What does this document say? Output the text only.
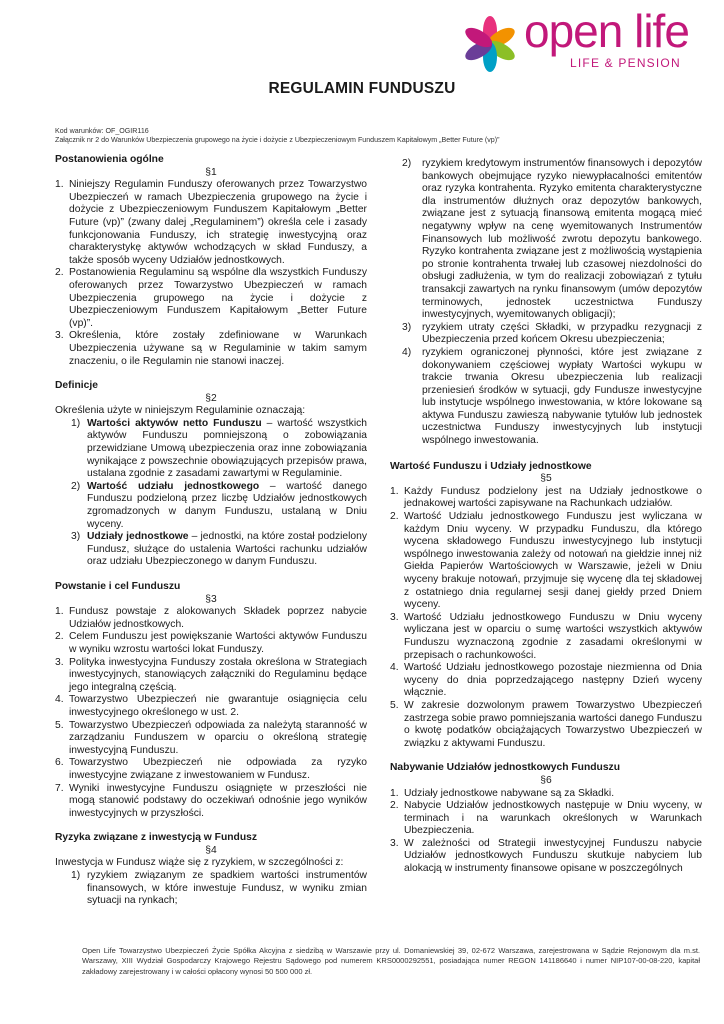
open life
LIFE & PENSION
REGULAMIN FUNDUSZU
Kod warunków: OF_OGIR116
Załącznik nr 2 do Warunków Ubezpieczenia grupowego na życie i dożycie z Ubezpieczeniowym Funduszem Kapitałowym „Better Future (vp)”
Postanowienia ogólne
§1
1. Niniejszy Regulamin Funduszy oferowanych przez Towarzystwo Ubezpieczeń w ramach Ubezpieczenia grupowego na życie i dożycie z Ubezpieczeniowym Funduszem Kapitałowym „Better Future (vp)” (zwany dalej „Regulaminem”) określa cele i zasady funkcjonowania Funduszy, ich strategię inwestycyjną oraz charakterystykę aktywów wchodzących w skład Funduszy, a także sposób wyceny Udziałów jednostkowych.
2. Postanowienia Regulaminu są wspólne dla wszystkich Funduszy oferowanych przez Towarzystwo Ubezpieczeń w ramach Ubezpieczenia grupowego na życie i dożycie z Ubezpieczeniowym Funduszem Kapitałowym „Better Future (vp)”.
3. Określenia, które zostały zdefiniowane w Warunkach Ubezpieczenia używane są w Regulaminie w takim samym znaczeniu, o ile Regulamin nie stanowi inaczej.
Definicje
§2
Określenia użyte w niniejszym Regulaminie oznaczają:
1) Wartości aktywów netto Funduszu – wartość wszystkich aktywów Funduszu pomniejszoną o zobowiązania przewidziane Umową ubezpieczenia oraz inne zobowiązania wynikające z powszechnie obowiązujących przepisów prawa, ustalana zgodnie z zasadami zawartymi w Regulaminie.
2) Wartość udziału jednostkowego – wartość danego Funduszu podzieloną przez liczbę Udziałów jednostkowych zgromadzonych w danym Funduszu, ustalaną w Dniu wyceny.
3) Udziały jednostkowe – jednostki, na które został podzielony Fundusz, służące do ustalenia Wartości rachunku udziałów oraz udziału Ubezpieczonego w danym Funduszu.
Powstanie i cel Funduszu
§3
1. Fundusz powstaje z alokowanych Składek poprzez nabycie Udziałów jednostkowych.
2. Celem Funduszu jest powiększanie Wartości aktywów Funduszu w wyniku wzrostu wartości lokat Funduszy.
3. Polityka inwestycyjna Funduszy została określona w Strategiach inwestycyjnych, stanowiących załączniki do Regulaminu będące jego integralną częścią.
4. Towarzystwo Ubezpieczeń nie gwarantuje osiągnięcia celu inwestycyjnego określonego w ust. 2.
5. Towarzystwo Ubezpieczeń odpowiada za należytą staranność w zarządzaniu Funduszem w oparciu o określoną strategię inwestycyjną Funduszu.
6. Towarzystwo Ubezpieczeń nie odpowiada za ryzyko inwestycyjne związane z inwestowaniem w Fundusz.
7. Wyniki inwestycyjne Funduszu osiągnięte w przeszłości nie mogą stanowić podstawy do oczekiwań odnośnie jego wyników inwestycyjnych w przyszłości.
Ryzyka związane z inwestycją w Fundusz
§4
Inwestycja w Fundusz wiąże się z ryzykiem, w szczególności z:
1) ryzykiem związanym ze spadkiem wartości instrumentów finansowych, w które inwestuje Fundusz, w wyniku zmian sytuacji na rynkach;
2) ryzykiem kredytowym instrumentów finansowych i depozytów bankowych obejmujące ryzyko niewypłacalności emitentów oraz ryzyka kontrahenta. Ryzyko emitenta charakterystyczne dla instrumentów dłużnych oraz depozytów bankowych, związane jest z sytuacją finansową emitenta mogącą mieć negatywny wpływ na cenę wyemitowanych Instrumentów Finansowych lub możliwość zwrotu depozytu bankowego. Ryzyko kontrahenta związane jest z możliwością wystąpienia po stronie kontrahenta trwałej lub czasowej niezdolności do obsługi zadłużenia, w tym do realizacji zobowiązań z tytułu transakcji zawartych na rynku finansowym (umów depozytów terminowych, jednostek uczestnictwa Funduszy inwestycyjnych, wyemitowanych obligacji);
3) ryzykiem utraty części Składki, w przypadku rezygnacji z Ubezpieczenia przed końcem Okresu ubezpieczenia;
4) ryzykiem ograniczonej płynności, które jest związane z dokonywaniem częściowej wypłaty Wartości wykupu w trakcie trwania Okresu ubezpieczenia lub realizacji przeniesień środków w sytuacji, gdy Fundusze inwestycyjne lub instytucje wspólnego inwestowania, w które lokowane są aktywa Funduszu zawieszą nabywanie tytułów lub jednostek uczestnictwa Funduszy inwestycyjnych lub instytucji wspólnego inwestowania.
Wartość Funduszu i Udziały jednostkowe
§5
1. Każdy Fundusz podzielony jest na Udziały jednostkowe o jednakowej wartości zapisywane na Rachunkach udziałów.
2. Wartość Udziału jednostkowego Funduszu jest wyliczana w każdym Dniu wyceny. W przypadku Funduszu, dla którego wycena składowego Funduszu inwestycyjnego lub instytucji wspólnego inwestowania zależy od notowań na giełdzie innej niż Giełda Papierów Wartościowych w Warszawie, jeżeli w Dniu wyceny brakuje notowań, przyjmuje się wycenę dla tej składowej z ostatniego dnia regularnej sesji danej giełdy przed Dniem wyceny.
3. Wartość Udziału jednostkowego Funduszu w Dniu wyceny wyliczana jest w oparciu o sumę wartości wszystkich aktywów Funduszu wyznaczoną zgodnie z zasadami określonymi w przepisach o rachunkowości.
4. Wartość Udziału jednostkowego pozostaje niezmienna od Dnia wyceny do dnia poprzedzającego następny Dzień wyceny włącznie.
5. W zakresie dozwolonym prawem Towarzystwo Ubezpieczeń zastrzega sobie prawo pomniejszania wartości danego Funduszu o kwotę podatków obciążających Towarzystwo Ubezpieczeń w związku z aktywami Funduszu.
Nabywanie Udziałów jednostkowych Funduszu
§6
1. Udziały jednostkowe nabywane są za Składki.
2. Nabycie Udziałów jednostkowych następuje w Dniu wyceny, w terminach i na warunkach określonych w Warunkach Ubezpieczenia.
3. W zależności od Strategii inwestycyjnej Funduszu nabycie Udziałów jednostkowych Funduszu skutkuje nabyciem lub alokacją w instrumenty finansowe opisane w poszczególnych
Open Life Towarzystwo Ubezpieczeń Życie Spółka Akcyjna z siedzibą w Warszawie przy ul. Domaniewskiej 39, 02-672 Warszawa, zarejestrowana w Sądzie Rejonowym dla m.st. Warszawy, XIII Wydział Gospodarczy Krajowego Rejestru Sądowego pod numerem KRS0000292551, posiadająca numer REGON 141186640 i numer NIP107-00-08-220, kapitał zakładowy zarejestrowany i w całości opłacony wynosi 50 500 000 zł.
